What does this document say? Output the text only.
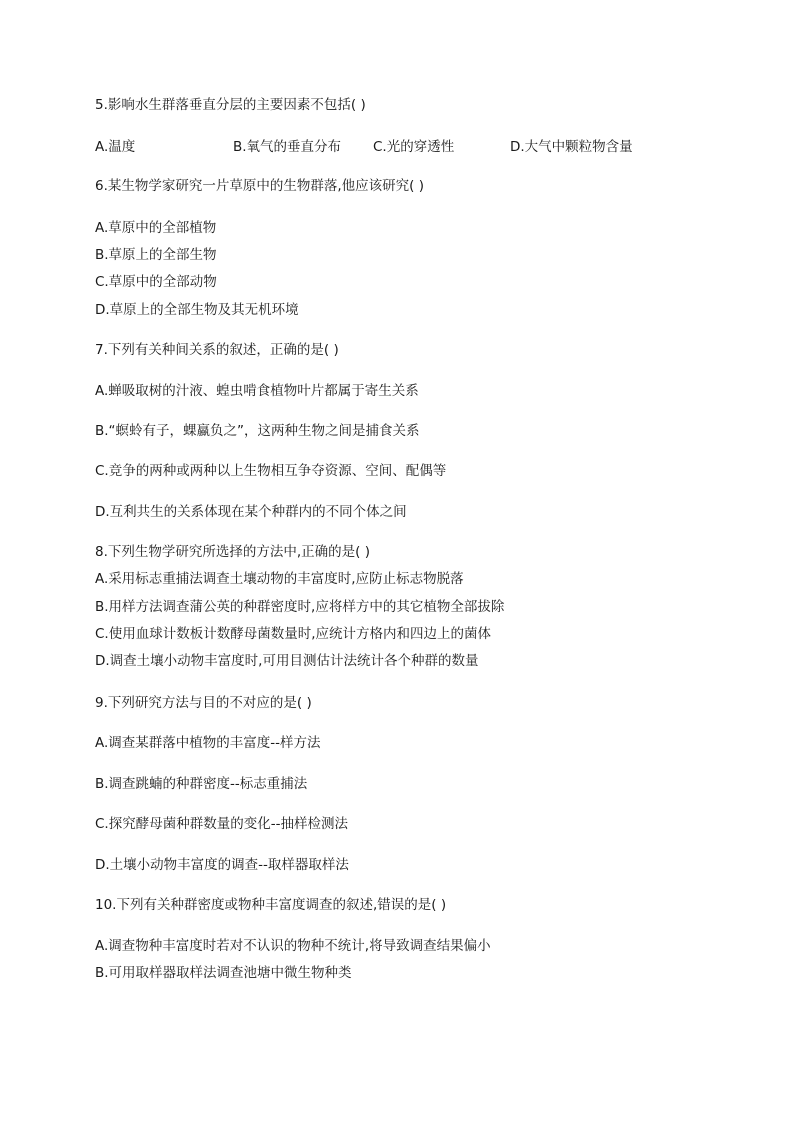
5.影响水生群落垂直分层的主要因素不包括( )
A.温度	B.氧气的垂直分布 C.光的穿透性	D.大气中颗粒物含量
6.某生物学家研究一片草原中的生物群落,他应该研究( )
A.草原中的全部植物
B.草原上的全部生物
C.草原中的全部动物
D.草原上的全部生物及其无机环境
7.下列有关种间关系的叙述，正确的是( )
A.蝉吸取树的汁液、蝗虫啃食植物叶片都属于寄生关系
B.“螟蛉有子，蜾蠃负之”，这两种生物之间是捕食关系
C.竞争的两种或两种以上生物相互争夺资源、空间、配偶等
D.互利共生的关系体现在某个种群内的不同个体之间
8.下列生物学研究所选择的方法中,正确的是( )
A.采用标志重捕法调查土壤动物的丰富度时,应防止标志物脱落
B.用样方法调查蒲公英的种群密度时,应将样方中的其它植物全部拔除
C.使用血球计数板计数酵母菌数量时,应统计方格内和四边上的菌体
D.调查土壤小动物丰富度时,可用目测估计法统计各个种群的数量
9.下列研究方法与目的不对应的是( )
A.调查某群落中植物的丰富度--样方法
B.调查跳蝻的种群密度--标志重捕法
C.探究酵母菌种群数量的变化--抽样检测法
D.土壤小动物丰富度的调查--取样器取样法
10.下列有关种群密度或物种丰富度调查的叙述,错误的是( )
A.调查物种丰富度时若对不认识的物种不统计,将导致调查结果偏小
B.可用取样器取样法调查池塘中微生物种类
